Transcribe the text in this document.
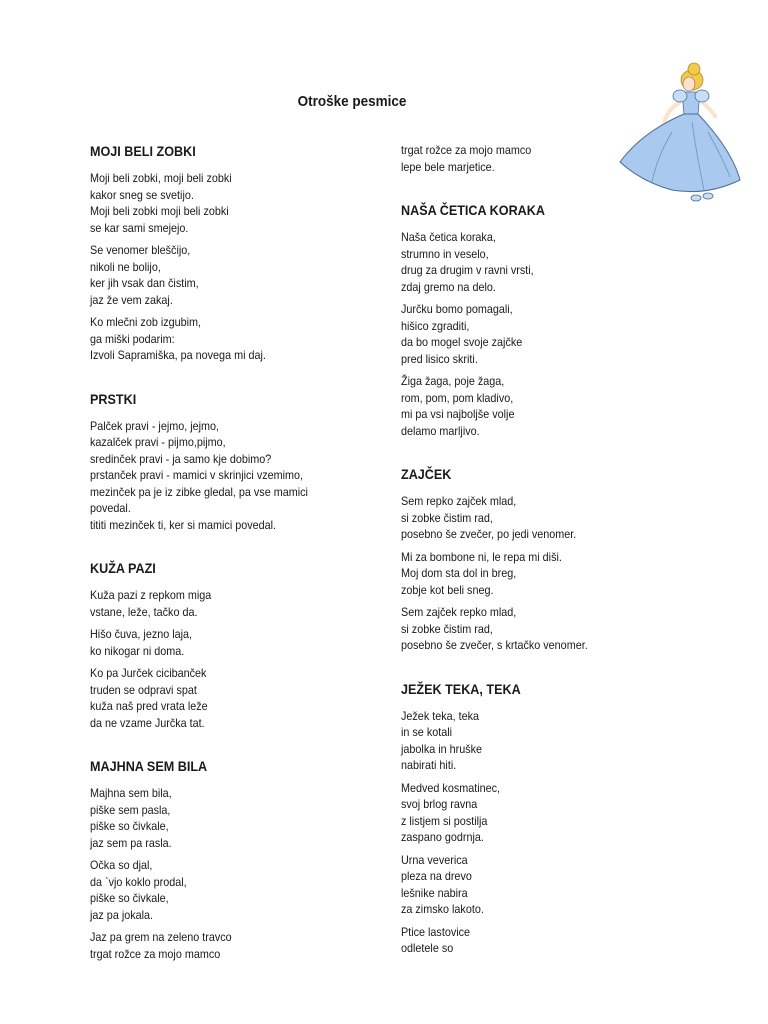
Otroške pesmice
MOJI BELI ZOBKI
Moji beli zobki, moji beli zobki
kakor sneg se svetijo.
Moji beli zobki moji beli zobki
se kar sami smejejo.
Se venomer bleščijo,
nikoli ne bolijo,
ker jih vsak dan čistim,
jaz že vem zakaj.
Ko mlečni zob izgubim,
ga miški podarim:
Izvoli Sapramiška, pa novega mi daj.
PRSTKI
Palček pravi - jejmo, jejmo,
kazalček pravi - pijmo,pijmo,
sredinček pravi - ja samo kje dobimo?
prstanček pravi - mamici v skrinjici vzemimo,
mezinček pa je iz zibke gledal, pa vse mamici
povedal.
tititi mezinček ti, ker si mamici povedal.
KUŽA PAZI
Kuža pazi z repkom miga
vstane, leže, tačko da.
Hišo čuva, jezno laja,
ko nikogar ni doma.
Ko pa Jurček cicibanček
truden se odpravi spat
kuža naš pred vrata leže
da ne vzame Jurčka tat.
MAJHNA SEM BILA
Majhna sem bila,
piške sem pasla,
piške so čivkale,
jaz sem pa rasla.
Očka so djal,
da `vjo koklo prodal,
piške so čivkale,
jaz pa jokala.
Jaz pa grem na zeleno travco
trgat rožce za mojo mamco
trgat rožce za mojo mamco
lepe bele marjetice.
NAŠA ČETICA KORAKA
Naša četica koraka,
strumno in veselo,
drug za drugim v ravni vrsti,
zdaj gremo na delo.
Jurčku bomo pomagali,
hišico zgraditi,
da bo mogel svoje zajčke
pred lisico skriti.
Žiga žaga, poje žaga,
rom, pom, pom kladivo,
mi pa vsi najboljše volje
delamo marljivo.
ZAJČEK
Sem repko zajček mlad,
si zobke čistim rad,
posebno še zvečer, po jedi venomer.
Mi za bombone ni, le repa mi diši.
Moj dom sta dol in breg,
zobje kot beli sneg.
Sem zajček repko mlad,
si zobke čistim rad,
posebno še zvečer, s krtačko venomer.
JEŽEK TEKA, TEKA
Ježek teka, teka
in se kotali
jabolka in hruške
nabirati hiti.
Medved kosmatinec,
svoj brlog ravna
z listjem si postilja
zaspano godrnja.
Urna veverica
pleza na drevo
lešnike nabira
za zimsko lakoto.
Ptice lastovice
odletele so
